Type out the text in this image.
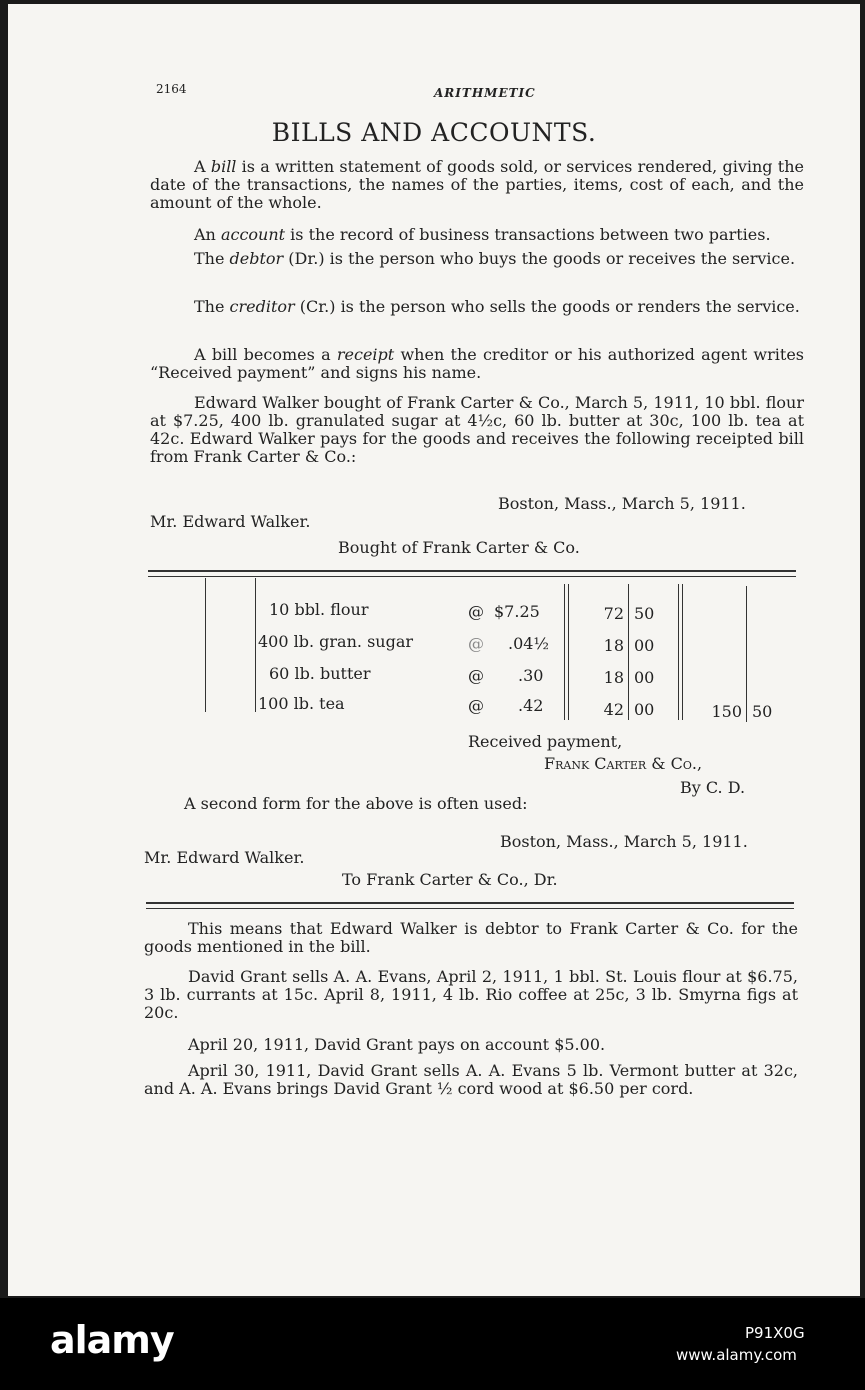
2164	ARITHMETIC
BILLS AND ACCOUNTS.

A bill is a written statement of goods sold, or services rendered, giving the date of the transactions, the names of the parties, items, cost of each, and the amount of the whole.

An account is the record of business transactions between two parties.

The debtor (Dr.) is the person who buys the goods or receives the service.

The creditor (Cr.) is the person who sells the goods or renders the service.

A bill becomes a receipt when the creditor or his authorized agent writes “Received payment” and signs his name.

Edward Walker bought of Frank Carter & Co., March 5, 1911, 10 bbl. flour at $7.25, 400 lb. granulated sugar at 4½c, 60 lb. butter at 30c, 100 lb. tea at 42c. Edward Walker pays for the goods and receives the following receipted bill from Frank Carter & Co.:

Boston, Mass., March 5, 1911.
Mr. Edward Walker.
Bought of Frank Carter & Co.
10 bbl. flour	@ $7.25	72 50
400 lb. gran. sugar	@ .04½	18 00
60 lb. butter	@ .30	18 00
100 lb. tea	@ .42	42 00	150 50
Received payment,
Frank Carter & Co.,
By C. D.
A second form for the above is often used:
Boston, Mass., March 5, 1911.
Mr. Edward Walker.
To Frank Carter & Co., Dr.

This means that Edward Walker is debtor to Frank Carter & Co. for the goods mentioned in the bill.

David Grant sells A. A. Evans, April 2, 1911, 1 bbl. St. Louis flour at $6.75, 3 lb. currants at 15c. April 8, 1911, 4 lb. Rio coffee at 25c, 3 lb. Smyrna figs at 20c.

April 20, 1911, David Grant pays on account $5.00.

April 30, 1911, David Grant sells A. A. Evans 5 lb. Vermont butter at 32c, and A. A. Evans brings David Grant ½ cord wood at $6.50 per cord.

alamy	P91X0G
www.alamy.com
